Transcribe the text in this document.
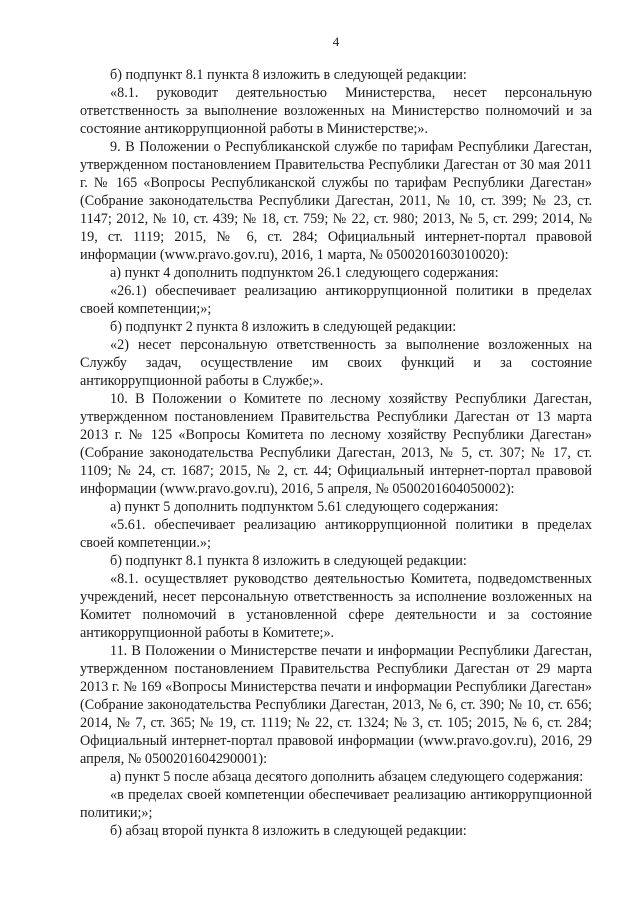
4

б) подпункт 8.1 пункта 8 изложить в следующей редакции:

«8.1. руководит деятельностью Министерства, несет персональную ответственность за выполнение возложенных на Министерство полномочий и за состояние антикоррупционной работы в Министерстве;».

9. В Положении о Республиканской службе по тарифам Республики Дагестан, утвержденном постановлением Правительства Республики Дагестан от 30 мая 2011 г. № 165 «Вопросы Республиканской службы по тарифам Республики Дагестан» (Собрание законодательства Республики Дагестан, 2011, № 10, ст. 399; № 23, ст. 1147; 2012, № 10, ст. 439; № 18, ст. 759; № 22, ст. 980; 2013, № 5, ст. 299; 2014, № 19, ст. 1119; 2015, № 6, ст. 284; Официальный интернет-портал правовой информации (www.pravo.gov.ru), 2016, 1 марта, № 0500201603010020):

а) пункт 4 дополнить подпунктом 26.1 следующего содержания:

«26.1) обеспечивает реализацию антикоррупционной политики в пределах своей компетенции;»;

б) подпункт 2 пункта 8 изложить в следующей редакции:

«2) несет персональную ответственность за выполнение возложенных на Службу задач, осуществление им своих функций и за состояние антикоррупционной работы в Службе;».

10. В Положении о Комитете по лесному хозяйству Республики Дагестан, утвержденном постановлением Правительства Республики Дагестан от 13 марта 2013 г. № 125 «Вопросы Комитета по лесному хозяйству Республики Дагестан» (Собрание законодательства Республики Дагестан, 2013, № 5, ст. 307; № 17, ст. 1109; № 24, ст. 1687; 2015, № 2, ст. 44; Официальный интернет-портал правовой информации (www.pravo.gov.ru), 2016, 5 апреля, № 0500201604050002):

а) пункт 5 дополнить подпунктом 5.61 следующего содержания:

«5.61. обеспечивает реализацию антикоррупционной политики в пределах своей компетенции.»;

б) подпункт 8.1 пункта 8 изложить в следующей редакции:

«8.1. осуществляет руководство деятельностью Комитета, подведомственных учреждений, несет персональную ответственность за исполнение возложенных на Комитет полномочий в установленной сфере деятельности и за состояние антикоррупционной работы в Комитете;».

11. В Положении о Министерстве печати и информации Республики Дагестан, утвержденном постановлением Правительства Республики Дагестан от 29 марта 2013 г. № 169 «Вопросы Министерства печати и информации Республики Дагестан» (Собрание законодательства Республики Дагестан, 2013, № 6, ст. 390; № 10, ст. 656; 2014, № 7, ст. 365; № 19, ст. 1119; № 22, ст. 1324; № 3, ст. 105; 2015, № 6, ст. 284; Официальный интернет-портал правовой информации (www.pravo.gov.ru), 2016, 29 апреля, № 0500201604290001):

а) пункт 5 после абзаца десятого дополнить абзацем следующего содержания:

«в пределах своей компетенции обеспечивает реализацию антикоррупционной политики;»;

б) абзац второй пункта 8 изложить в следующей редакции:
